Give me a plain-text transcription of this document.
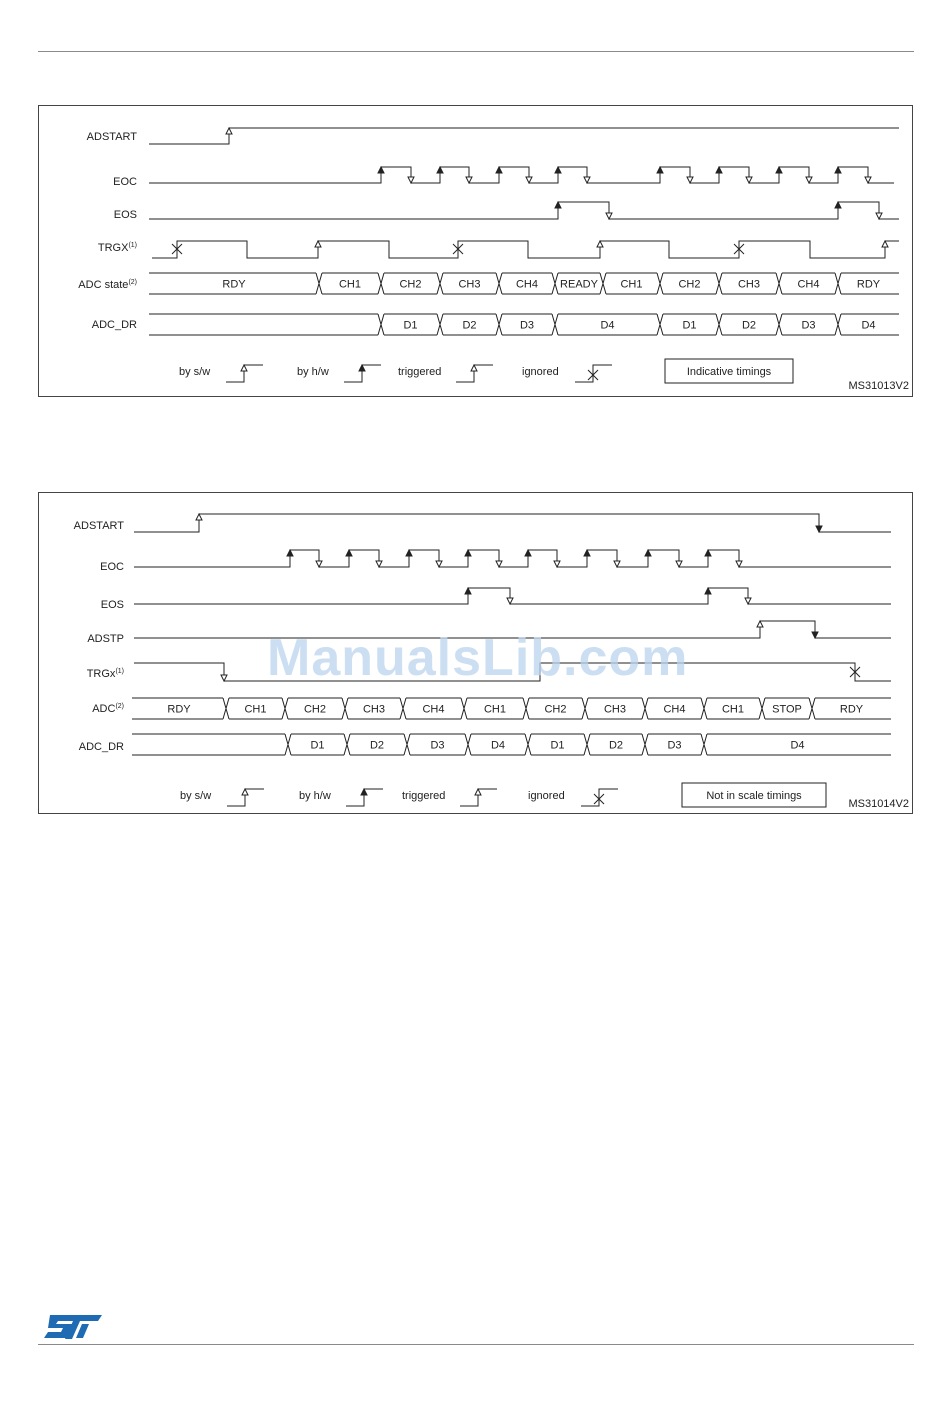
ADSTART
EOC
EOS
TRGX$^{(1)}$
ADC state$^{(2)}$
ADC_DR
RDY	CH1	CH2	CH3	CH4 READY CH1	CH2	CH3	CH4	RDY
D1	D2	D3	D4	D1	D2	D3	D4
by s/w	by h/w	triggered	ignored	Indicative timings
MS31013V2
ADSTART
EOC
EOS
ADSTP
TRGx$^{(1)}$
ADC$^{(2)}$
ADC_DR
RDY	CH1	CH2	CH3	CH4	CH1	CH2	CH3	CH4	CH1	STOP	RDY
D1	D2	D3	D4	D1	D2	D3	D4
by s/w	by h/w	triggered	ignored	Not in scale timings
MS31014V2
ManualsLib.com
